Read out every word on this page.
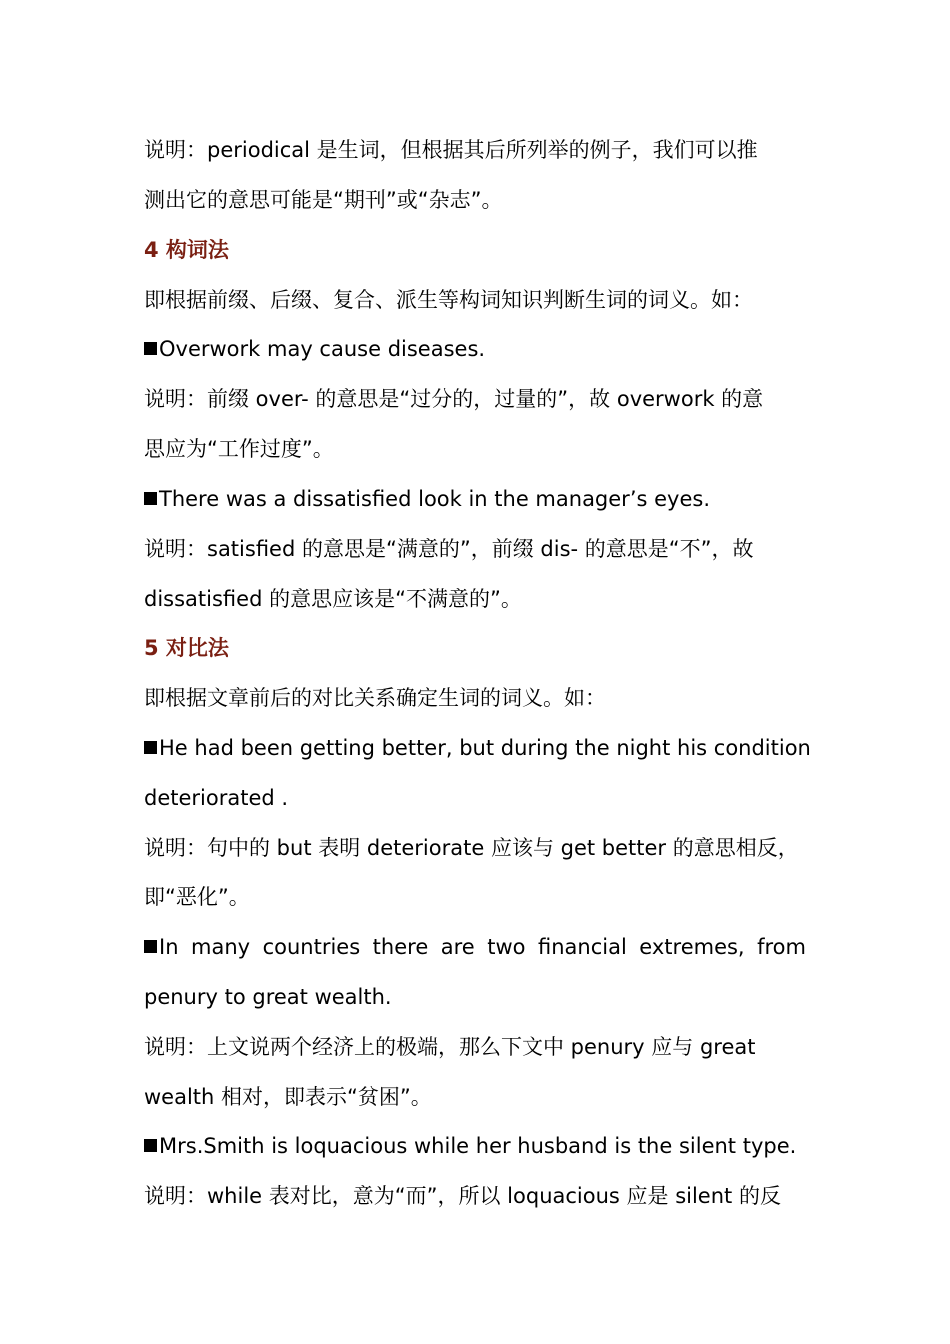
说明：periodical 是生词，但根据其后所列举的例子，我们可以推
测出它的意思可能是“期刊”或“杂志”。
4 构词法
即根据前缀、后缀、复合、派生等构词知识判断生词的词义。如：
Overwork may cause diseases.
说明：前缀 over- 的意思是“过分的，过量的”，故 overwork 的意
思应为“工作过度”。
There was a dissatisfied look in the manager’s eyes.
说明：satisfied 的意思是“满意的”，前缀 dis- 的意思是“不”，故
dissatisfied 的意思应该是“不满意的”。
5 对比法
即根据文章前后的对比关系确定生词的词义。如：
He had been getting better, but during the night his condition
deteriorated .
说明：句中的 but 表明 deteriorate 应该与 get better 的意思相反，
即“恶化”。
In many countries there are two financial extremes, from
penury to great wealth.
说明：上文说两个经济上的极端，那么下文中 penury 应与 great
wealth 相对，即表示“贫困”。
Mrs.Smith is loquacious while her husband is the silent type.
说明：while 表对比，意为“而”，所以 loquacious 应是 silent 的反
